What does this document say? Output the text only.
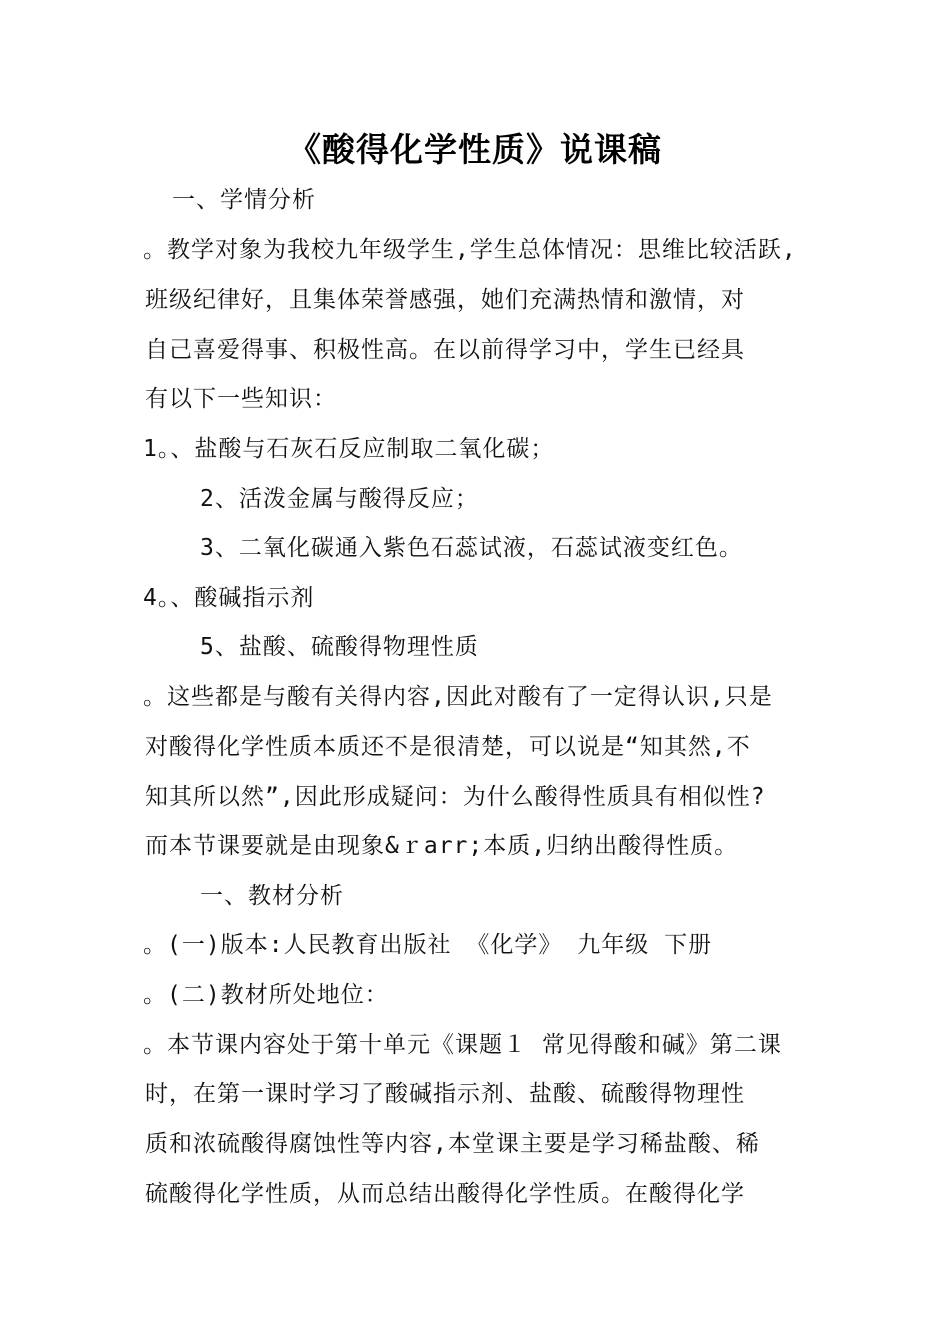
《酸得化学性质》说课稿
一、学情分析
。教学对象为我校九年级学生,学生总体情况：思维比较活跃,
班级纪律好，且集体荣誉感强，她们充满热情和激情，对
自己喜爱得事、积极性高。在以前得学习中，学生已经具
有以下一些知识：
1。、盐酸与石灰石反应制取二氧化碳；
2、活泼金属与酸得反应；
3、二氧化碳通入紫色石蕊试液，石蕊试液变红色。
4。、酸碱指示剂
5、盐酸、硫酸得物理性质
。这些都是与酸有关得内容,因此对酸有了一定得认识,只是
对酸得化学性质本质还不是很清楚，可以说是“知其然,不
知其所以然”,因此形成疑问：为什么酸得性质具有相似性?
而本节课要就是由现象&ｒarr;本质,归纳出酸得性质。
一、教材分析
。(一)版本:人民教育出版社 《化学》 九年级 下册
。(二)教材所处地位：
。本节课内容处于第十单元《课题１ 常见得酸和碱》第二课
时，在第一课时学习了酸碱指示剂、盐酸、硫酸得物理性
质和浓硫酸得腐蚀性等内容,本堂课主要是学习稀盐酸、稀
硫酸得化学性质，从而总结出酸得化学性质。在酸得化学
